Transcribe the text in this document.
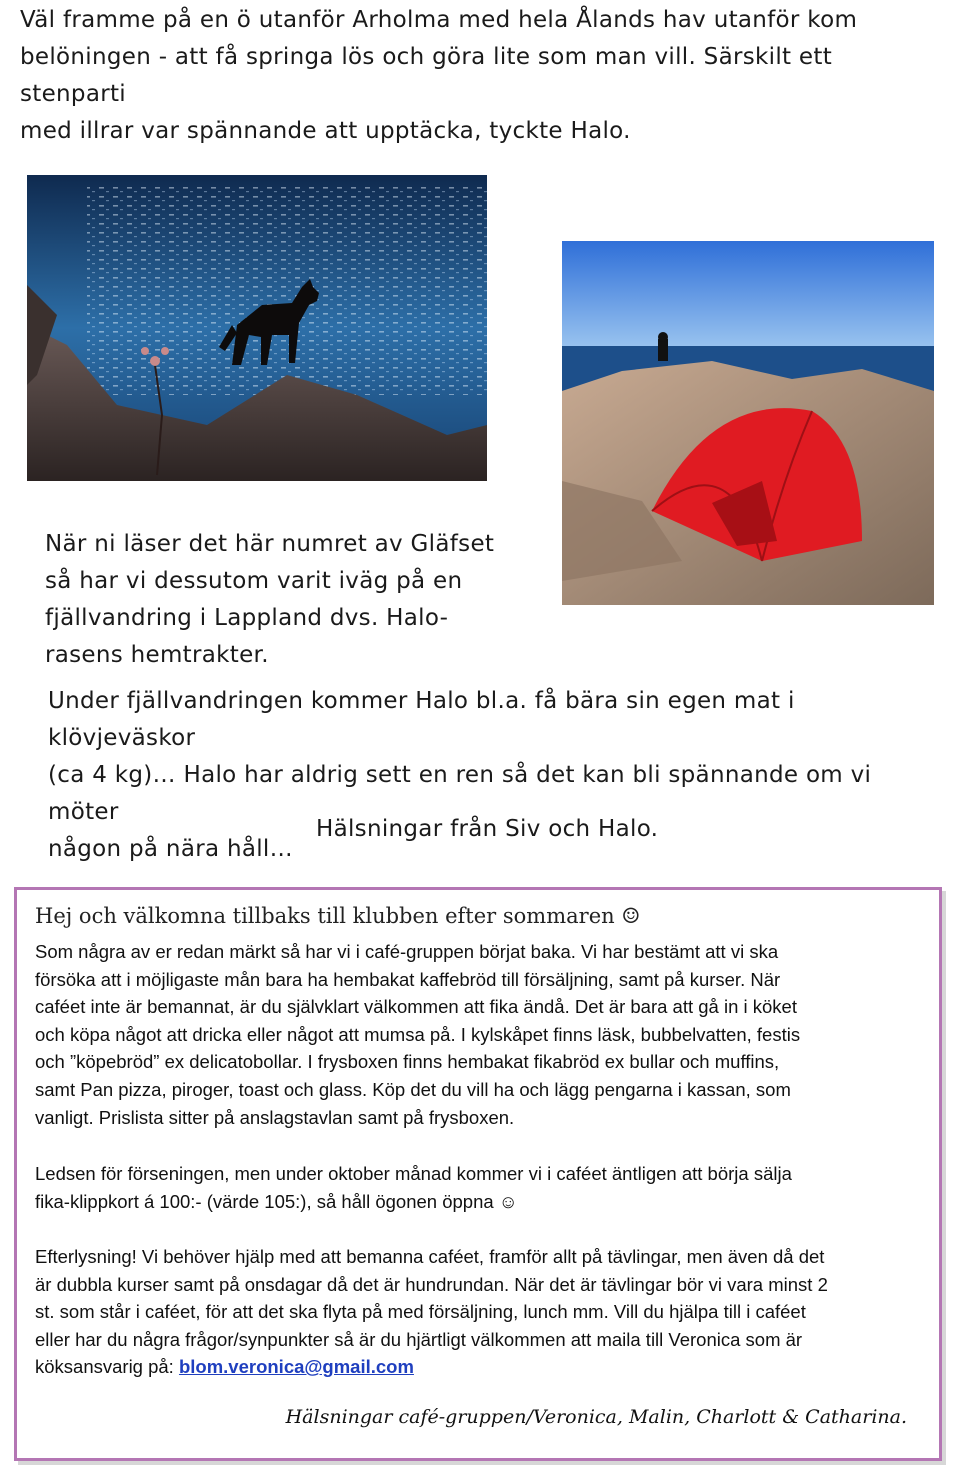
Väl framme på en ö utanför Arholma med hela Ålands hav utanför kom
belöningen - att få springa lös och göra lite som man vill. Särskilt ett stenparti
med illrar var spännande att upptäcka, tyckte Halo.
När ni läser det här numret av Gläfset
så har vi dessutom varit iväg på en
fjällvandring i Lappland dvs. Halo-
rasens hemtrakter.
Under fjällvandringen kommer Halo bl.a. få bära sin egen mat i klövjeväskor
(ca 4 kg)… Halo har aldrig sett en ren så det kan bli spännande om vi möter
någon på nära håll…
Hälsningar från Siv och Halo.
Hej och välkomna tillbaks till klubben efter sommaren ☺
Som några av er redan märkt så har vi i café-gruppen börjat baka. Vi har bestämt att vi ska
försöka att i möjligaste mån bara ha hembakat kaffebröd till försäljning, samt på kurser. När
caféet inte är bemannat, är du självklart välkommen att fika ändå. Det är bara att gå in i köket
och köpa något att dricka eller något att mumsa på. I kylskåpet finns läsk, bubbelvatten, festis
och ”köpebröd” ex delicatobollar. I frysboxen finns hembakat fikabröd ex bullar och muffins,
samt Pan pizza, piroger, toast och glass. Köp det du vill ha och lägg pengarna i kassan, som
vanligt. Prislista sitter på anslagstavlan samt på frysboxen.
Ledsen för förseningen, men under oktober månad kommer vi i caféet äntligen att börja sälja
fika-klippkort á 100:- (värde 105:), så håll ögonen öppna ☺
Efterlysning! Vi behöver hjälp med att bemanna caféet, framför allt på tävlingar, men även då det
är dubbla kurser samt på onsdagar då det är hundrundan. När det är tävlingar bör vi vara minst 2
st. som står i caféet, för att det ska flyta på med försäljning, lunch mm. Vill du hjälpa till i caféet
eller har du några frågor/synpunkter så är du hjärtligt välkommen att maila till Veronica som är
köksansvarig på: blom.veronica@gmail.com
Hälsningar café-gruppen/Veronica, Malin, Charlott & Catharina.
